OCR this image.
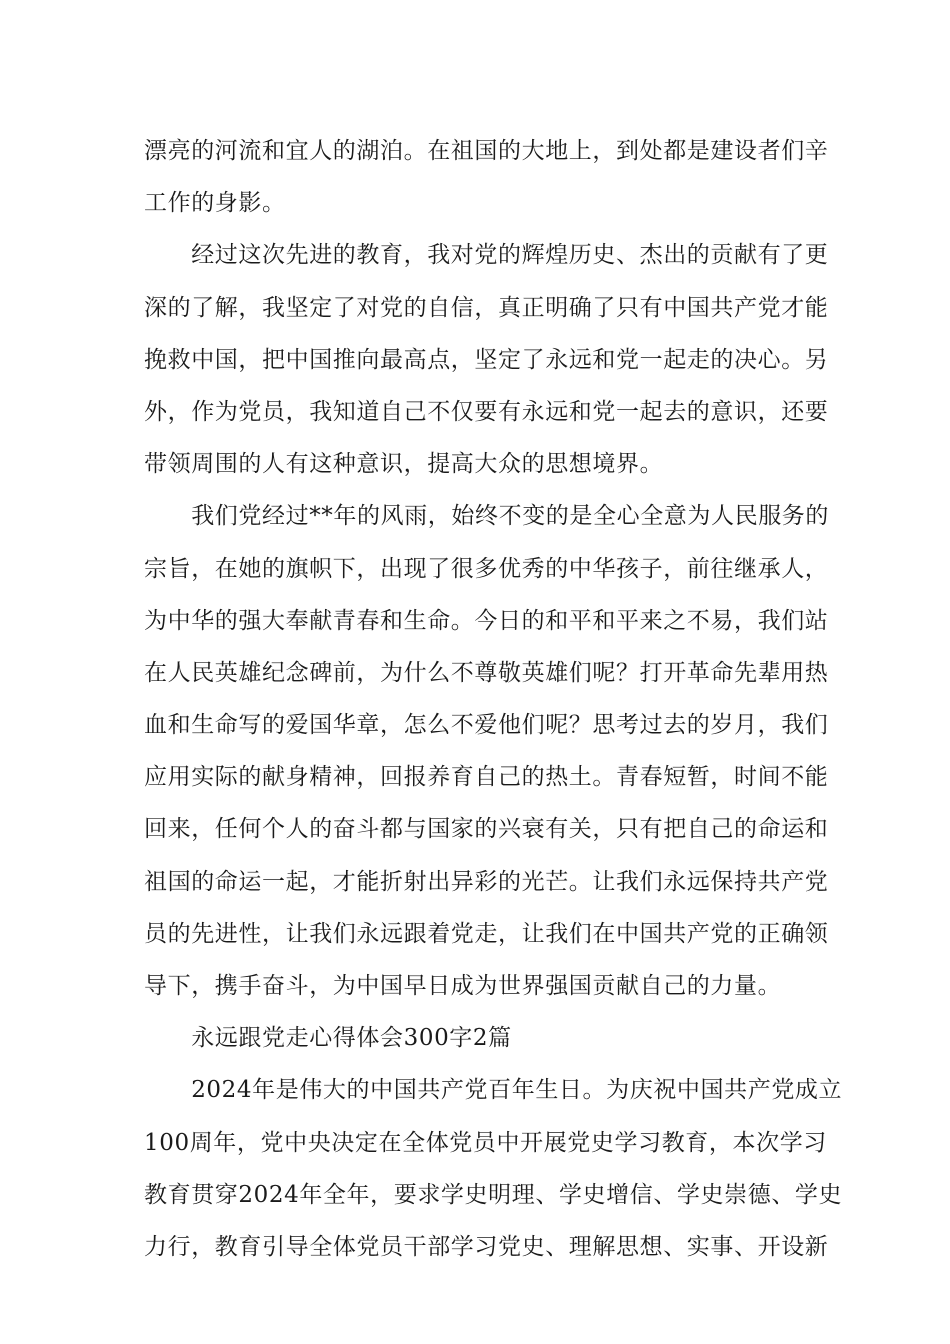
漂亮的河流和宜人的湖泊。在祖国的大地上，到处都是建设者们辛
工作的身影。
　　经过这次先进的教育，我对党的辉煌历史、杰出的贡献有了更
深的了解，我坚定了对党的自信，真正明确了只有中国共产党才能
挽救中国，把中国推向最高点，坚定了永远和党一起走的决心。另
外，作为党员，我知道自己不仅要有永远和党一起去的意识，还要
带领周围的人有这种意识，提高大众的思想境界。
　　我们党经过**年的风雨，始终不变的是全心全意为人民服务的
宗旨，在她的旗帜下，出现了很多优秀的中华孩子，前往继承人，
为中华的强大奉献青春和生命。今日的和平和平来之不易，我们站
在人民英雄纪念碑前，为什么不尊敬英雄们呢？打开革命先辈用热
血和生命写的爱国华章，怎么不爱他们呢？思考过去的岁月，我们
应用实际的献身精神，回报养育自己的热土。青春短暂，时间不能
回来，任何个人的奋斗都与国家的兴衰有关，只有把自己的命运和
祖国的命运一起，才能折射出异彩的光芒。让我们永远保持共产党
员的先进性，让我们永远跟着党走，让我们在中国共产党的正确领
导下，携手奋斗，为中国早日成为世界强国贡献自己的力量。
　　永远跟党走心得体会300字2篇
　　2024年是伟大的中国共产党百年生日。为庆祝中国共产党成立
100周年，党中央决定在全体党员中开展党史学习教育，本次学习
教育贯穿2024年全年，要求学史明理、学史增信、学史崇德、学史
力行，教育引导全体党员干部学习党史、理解思想、实事、开设新
